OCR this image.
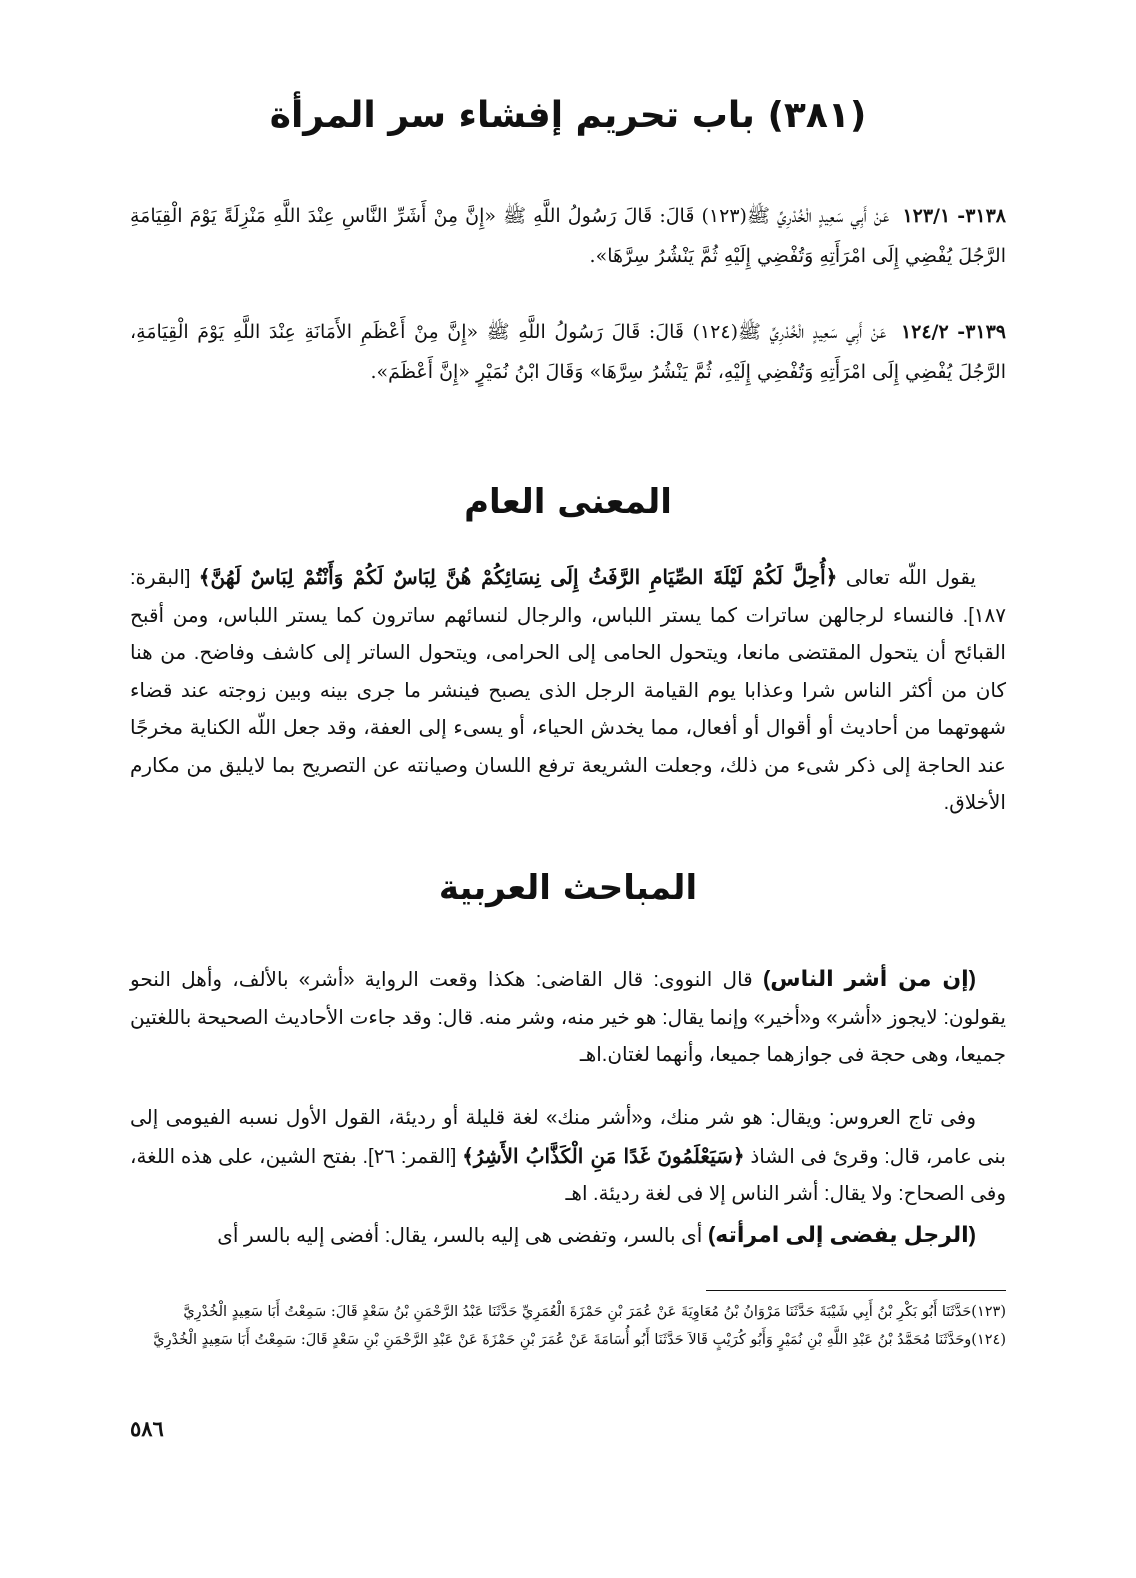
(٣٨١) باب تحريم إفشاء سر المرأة

٣١٣٨- ١٢٣/١ عَنْ أَبِي سَعِيدٍ الْخُدْرِيِّ ﷺ(١٢٣) قَالَ: قَالَ رَسُولُ اللَّهِ ﷺ «إِنَّ مِنْ أَشَرِّ النَّاسِ عِنْدَ اللَّهِ مَنْزِلَةً يَوْمَ الْقِيَامَةِ الرَّجُلَ يُفْضِي إِلَى امْرَأَتِهِ وَتُفْضِي إِلَيْهِ ثُمَّ يَنْشُرُ سِرَّهَا».

٣١٣٩- ١٢٤/٢ عَنْ أَبِي سَعِيدٍ الْخُدْرِيِّ ﷺ(١٢٤) قَالَ: قَالَ رَسُولُ اللَّهِ ﷺ «إِنَّ مِنْ أَعْظَمِ الأَمَانَةِ عِنْدَ اللَّهِ يَوْمَ الْقِيَامَةِ، الرَّجُلَ يُفْضِي إِلَى امْرَأَتِهِ وَتُفْضِي إِلَيْهِ، ثُمَّ يَنْشُرُ سِرَّهَا» وَقَالَ ابْنُ نُمَيْرٍ «إِنَّ أَعْظَمَ».

المعنى العام

يقول اللّه تعالى ﴿أُحِلَّ لَكُمْ لَيْلَةَ الصِّيَامِ الرَّفَثُ إِلَى نِسَائِكُمْ هُنَّ لِبَاسٌ لَكُمْ وَأَنْتُمْ لِبَاسٌ لَهُنَّ﴾ [البقرة: ١٨٧]. فالنساء لرجالهن ساترات كما يستر اللباس، والرجال لنسائهم ساترون كما يستر اللباس، ومن أقبح القبائح أن يتحول المقتضى مانعا، ويتحول الحامى إلى الحرامى، ويتحول الساتر إلى كاشف وفاضح. من هنا كان من أكثر الناس شرا وعذابا يوم القيامة الرجل الذى يصبح فينشر ما جرى بينه وبين زوجته عند قضاء شهوتهما من أحاديث أو أقوال أو أفعال، مما يخدش الحياء، أو يسىء إلى العفة، وقد جعل اللّه الكناية مخرجًا عند الحاجة إلى ذكر شىء من ذلك، وجعلت الشريعة ترفع اللسان وصيانته عن التصريح بما لايليق من مكارم الأخلاق.

المباحث العربية

(إن من أشر الناس) قال النووى: قال القاضى: هكذا وقعت الرواية «أشر» بالألف، وأهل النحو يقولون: لايجوز «أشر» و«أخير» وإنما يقال: هو خير منه، وشر منه. قال: وقد جاءت الأحاديث الصحيحة باللغتين جميعا، وهى حجة فى جوازهما جميعا، وأنهما لغتان.اهـ

وفى تاج العروس: ويقال: هو شر منك، و«أشر منك» لغة قليلة أو رديئة، القول الأول نسبه الفيومى إلى بنى عامر، قال: وقرئ فى الشاذ ﴿سَيَعْلَمُونَ غَدًا مَنِ الْكَذَّابُ الأَشِرُ﴾ [القمر: ٢٦]. بفتح الشين، على هذه اللغة، وفى الصحاح: ولا يقال: أشر الناس إلا فى لغة رديئة. اهـ

(الرجل يفضى إلى امرأته) أى بالسر، وتفضى هى إليه بالسر، يقال: أفضى إليه بالسر أى

(١٢٣)حَدَّثَنَا أَبُو بَكْرِ بْنُ أَبِي شَيْبَةَ حَدَّثَنَا مَرْوَانُ بْنُ مُعَاوِيَةَ عَنْ عُمَرَ بْنِ حَمْزَةَ الْعُمَرِيِّ حَدَّثَنَا عَبْدُ الرَّحْمَنِ بْنُ سَعْدٍ قَالَ: سَمِعْتُ أَبَا سَعِيدٍ الْخُدْرِيَّ

(١٢٤)وحَدَّثَنَا مُحَمَّدُ بْنُ عَبْدِ اللَّهِ بْنِ نُمَيْرٍ وَأَبُو كُرَيْبٍ قَالاَ حَدَّثَنَا أَبُو أُسَامَةَ عَنْ عُمَرَ بْنِ حَمْزَةَ عَنْ عَبْدِ الرَّحْمَنِ بْنِ سَعْدٍ قَالَ: سَمِعْتُ أَبَا سَعِيدٍ الْخُدْرِيَّ

٥٨٦
